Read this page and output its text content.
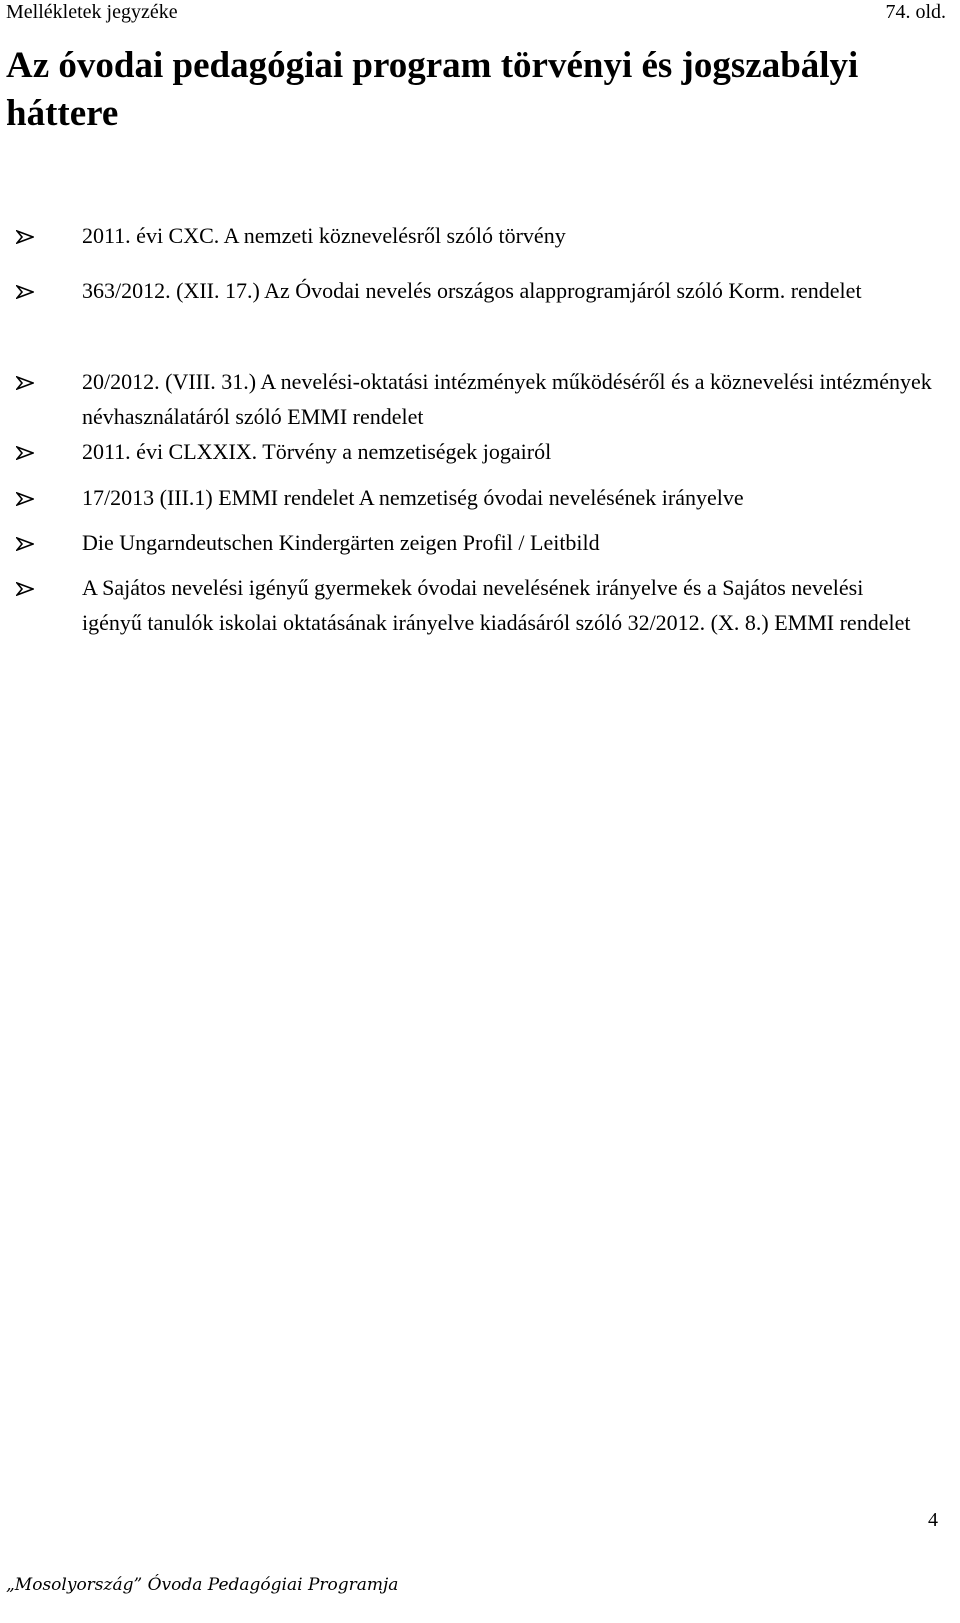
Mellékletek jegyzéke	74. old.
Az óvodai pedagógiai program törvényi és jogszabályi háttere
2011. évi CXC. A nemzeti köznevelésről szóló törvény
363/2012. (XII. 17.) Az Óvodai nevelés országos alapprogramjáról szóló Korm. rendelet
20/2012. (VIII. 31.) A nevelési-oktatási intézmények működéséről és a köznevelési intézmények névhasználatáról szóló EMMI rendelet
2011. évi CLXXIX. Törvény a nemzetiségek jogairól
17/2013 (III.1) EMMI rendelet A nemzetiség óvodai nevelésének irányelve
Die Ungarndeutschen Kindergärten zeigen Profil / Leitbild
A Sajátos nevelési igényű gyermekek óvodai nevelésének irányelve és a Sajátos nevelési igényű tanulók iskolai oktatásának irányelve kiadásáról szóló 32/2012. (X. 8.) EMMI rendelet
4
„Mosolyország” Óvoda Pedagógiai Programja
